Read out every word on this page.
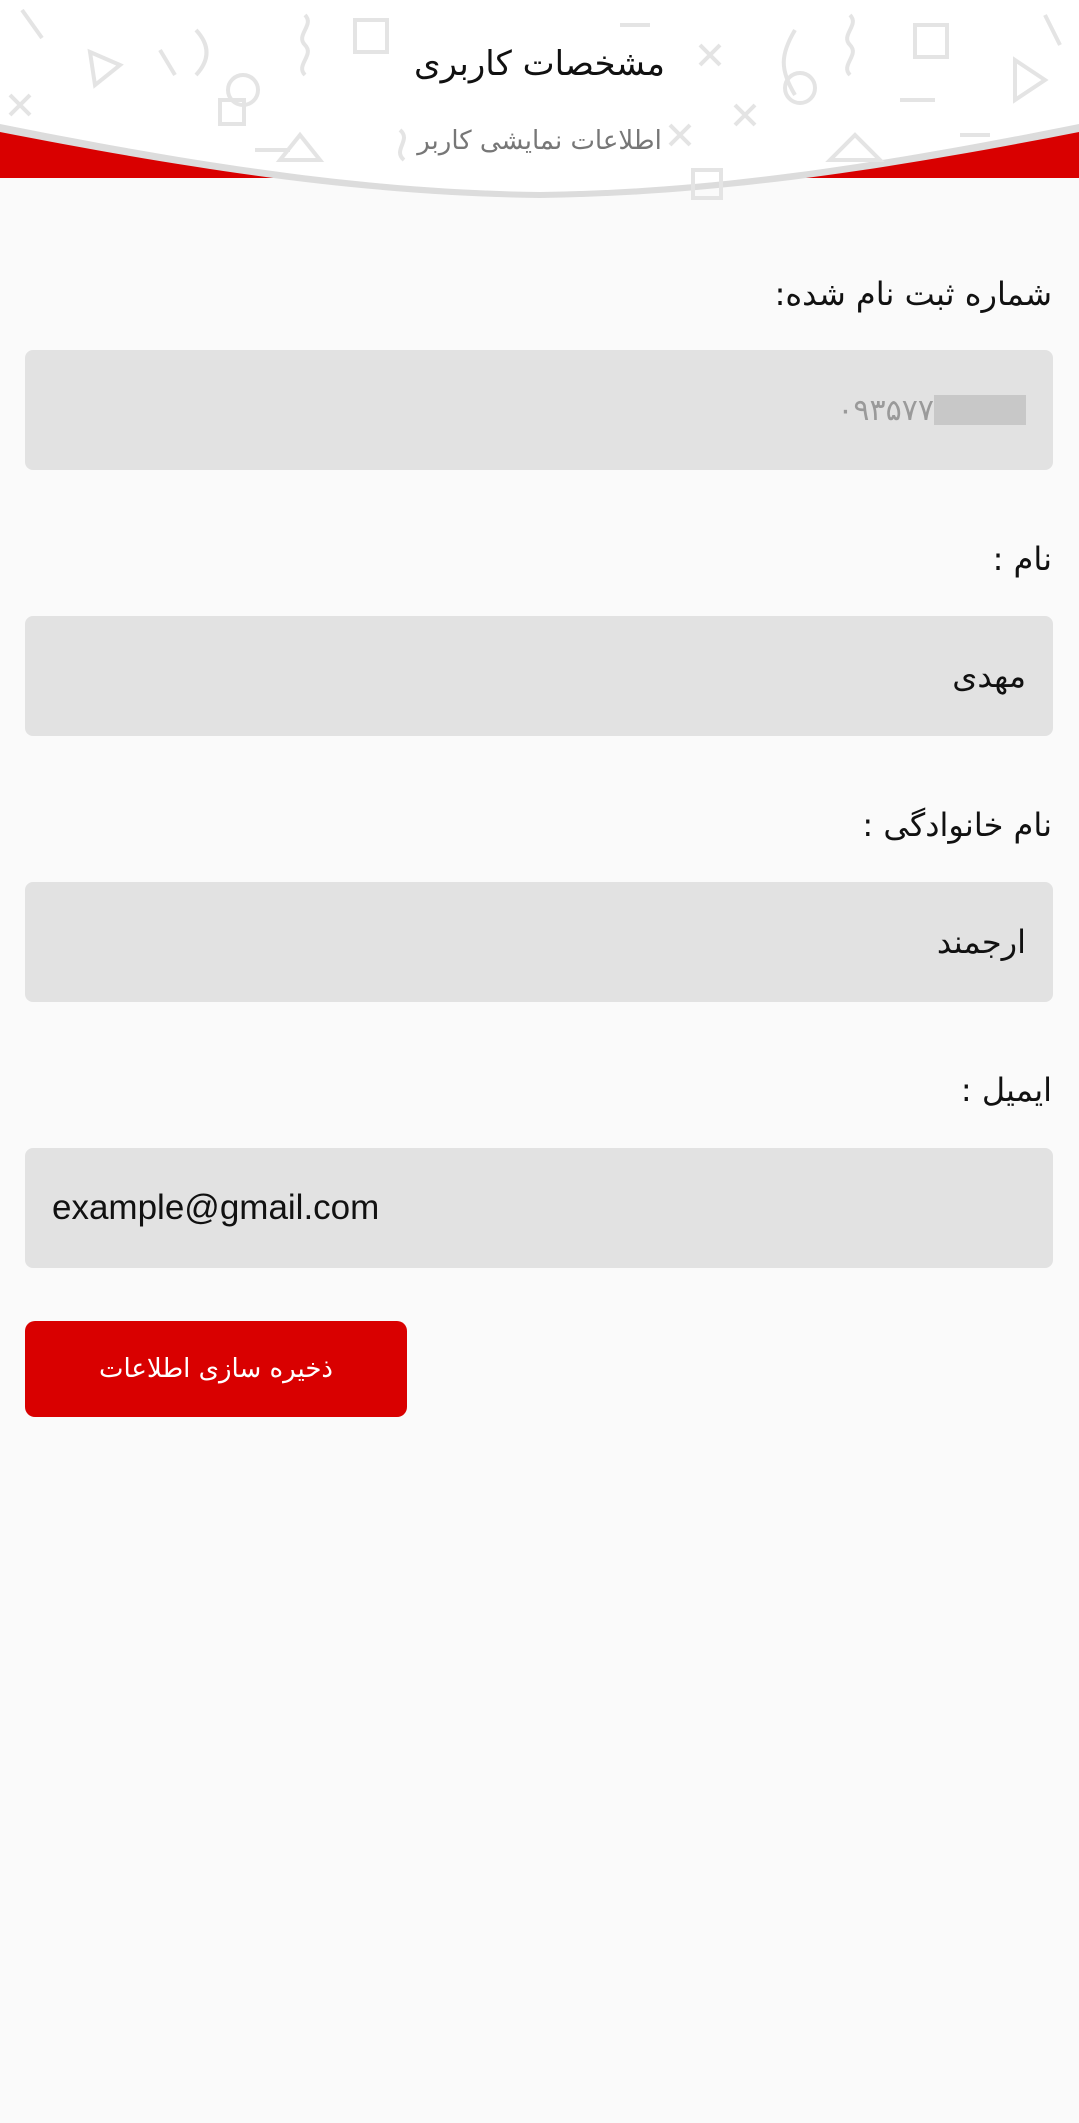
مشخصات کاربری
اطلاعات نمایشی کاربر
شماره ثبت نام شده:
۰۹۳۵۷۷
نام :
مهدی
نام خانوادگی :
ارجمند
ایمیل :
example@gmail.com
ذخیره سازی اطلاعات
